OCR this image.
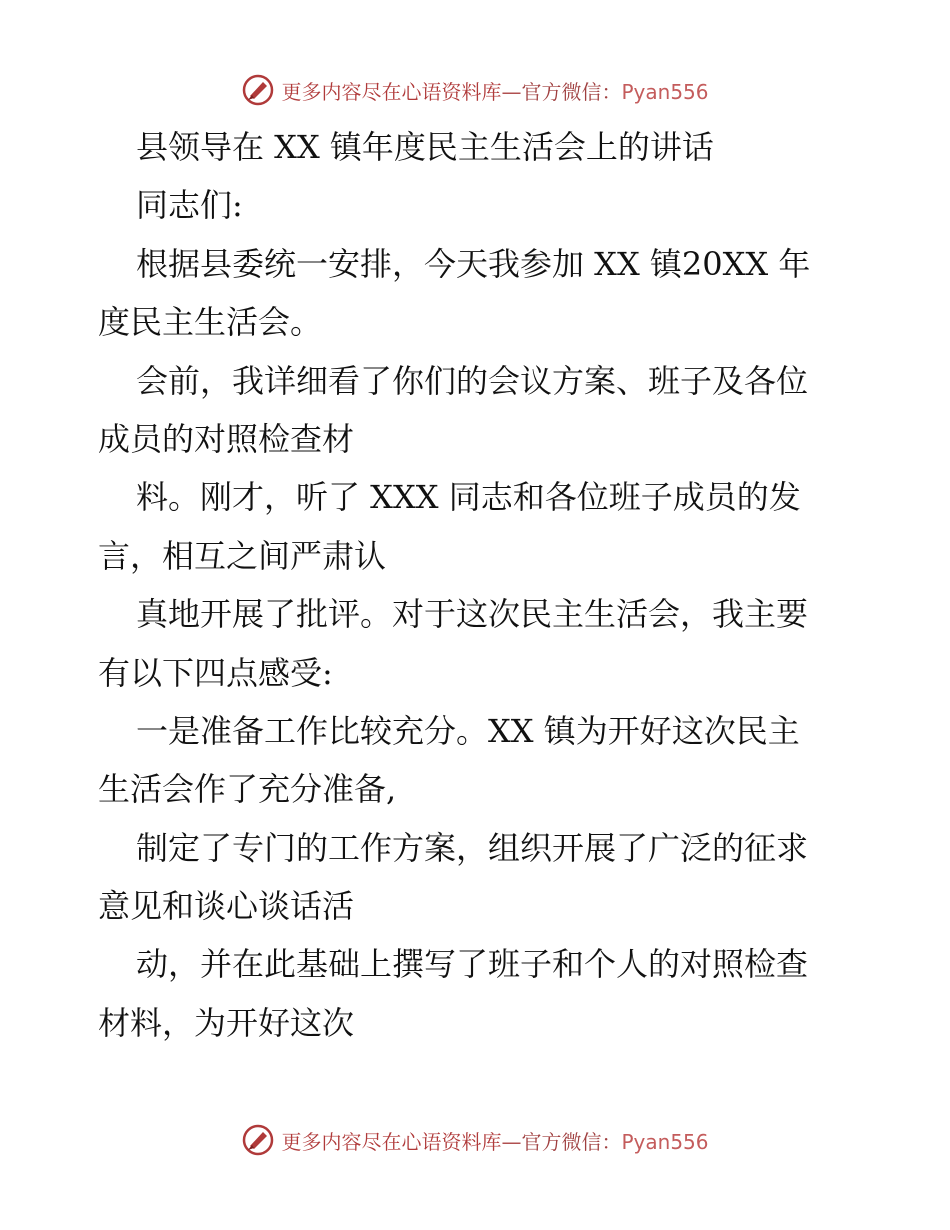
更多内容尽在心语资料库—官方微信：Pyan556
县领导在 XX 镇年度民主生活会上的讲话
同志们:
根据县委统一安排，今天我参加 XX 镇20XX 年
度民主生活会。
会前，我详细看了你们的会议方案、班子及各位
成员的对照检查材
料。刚才，听了 XXX 同志和各位班子成员的发
言，相互之间严肃认
真地开展了批评。对于这次民主生活会，我主要
有以下四点感受:
一是准备工作比较充分。XX 镇为开好这次民主
生活会作了充分准备,
制定了专门的工作方案，组织开展了广泛的征求
意见和谈心谈话活
动，并在此基础上撰写了班子和个人的对照检查
材料，为开好这次
更多内容尽在心语资料库—官方微信：Pyan556
